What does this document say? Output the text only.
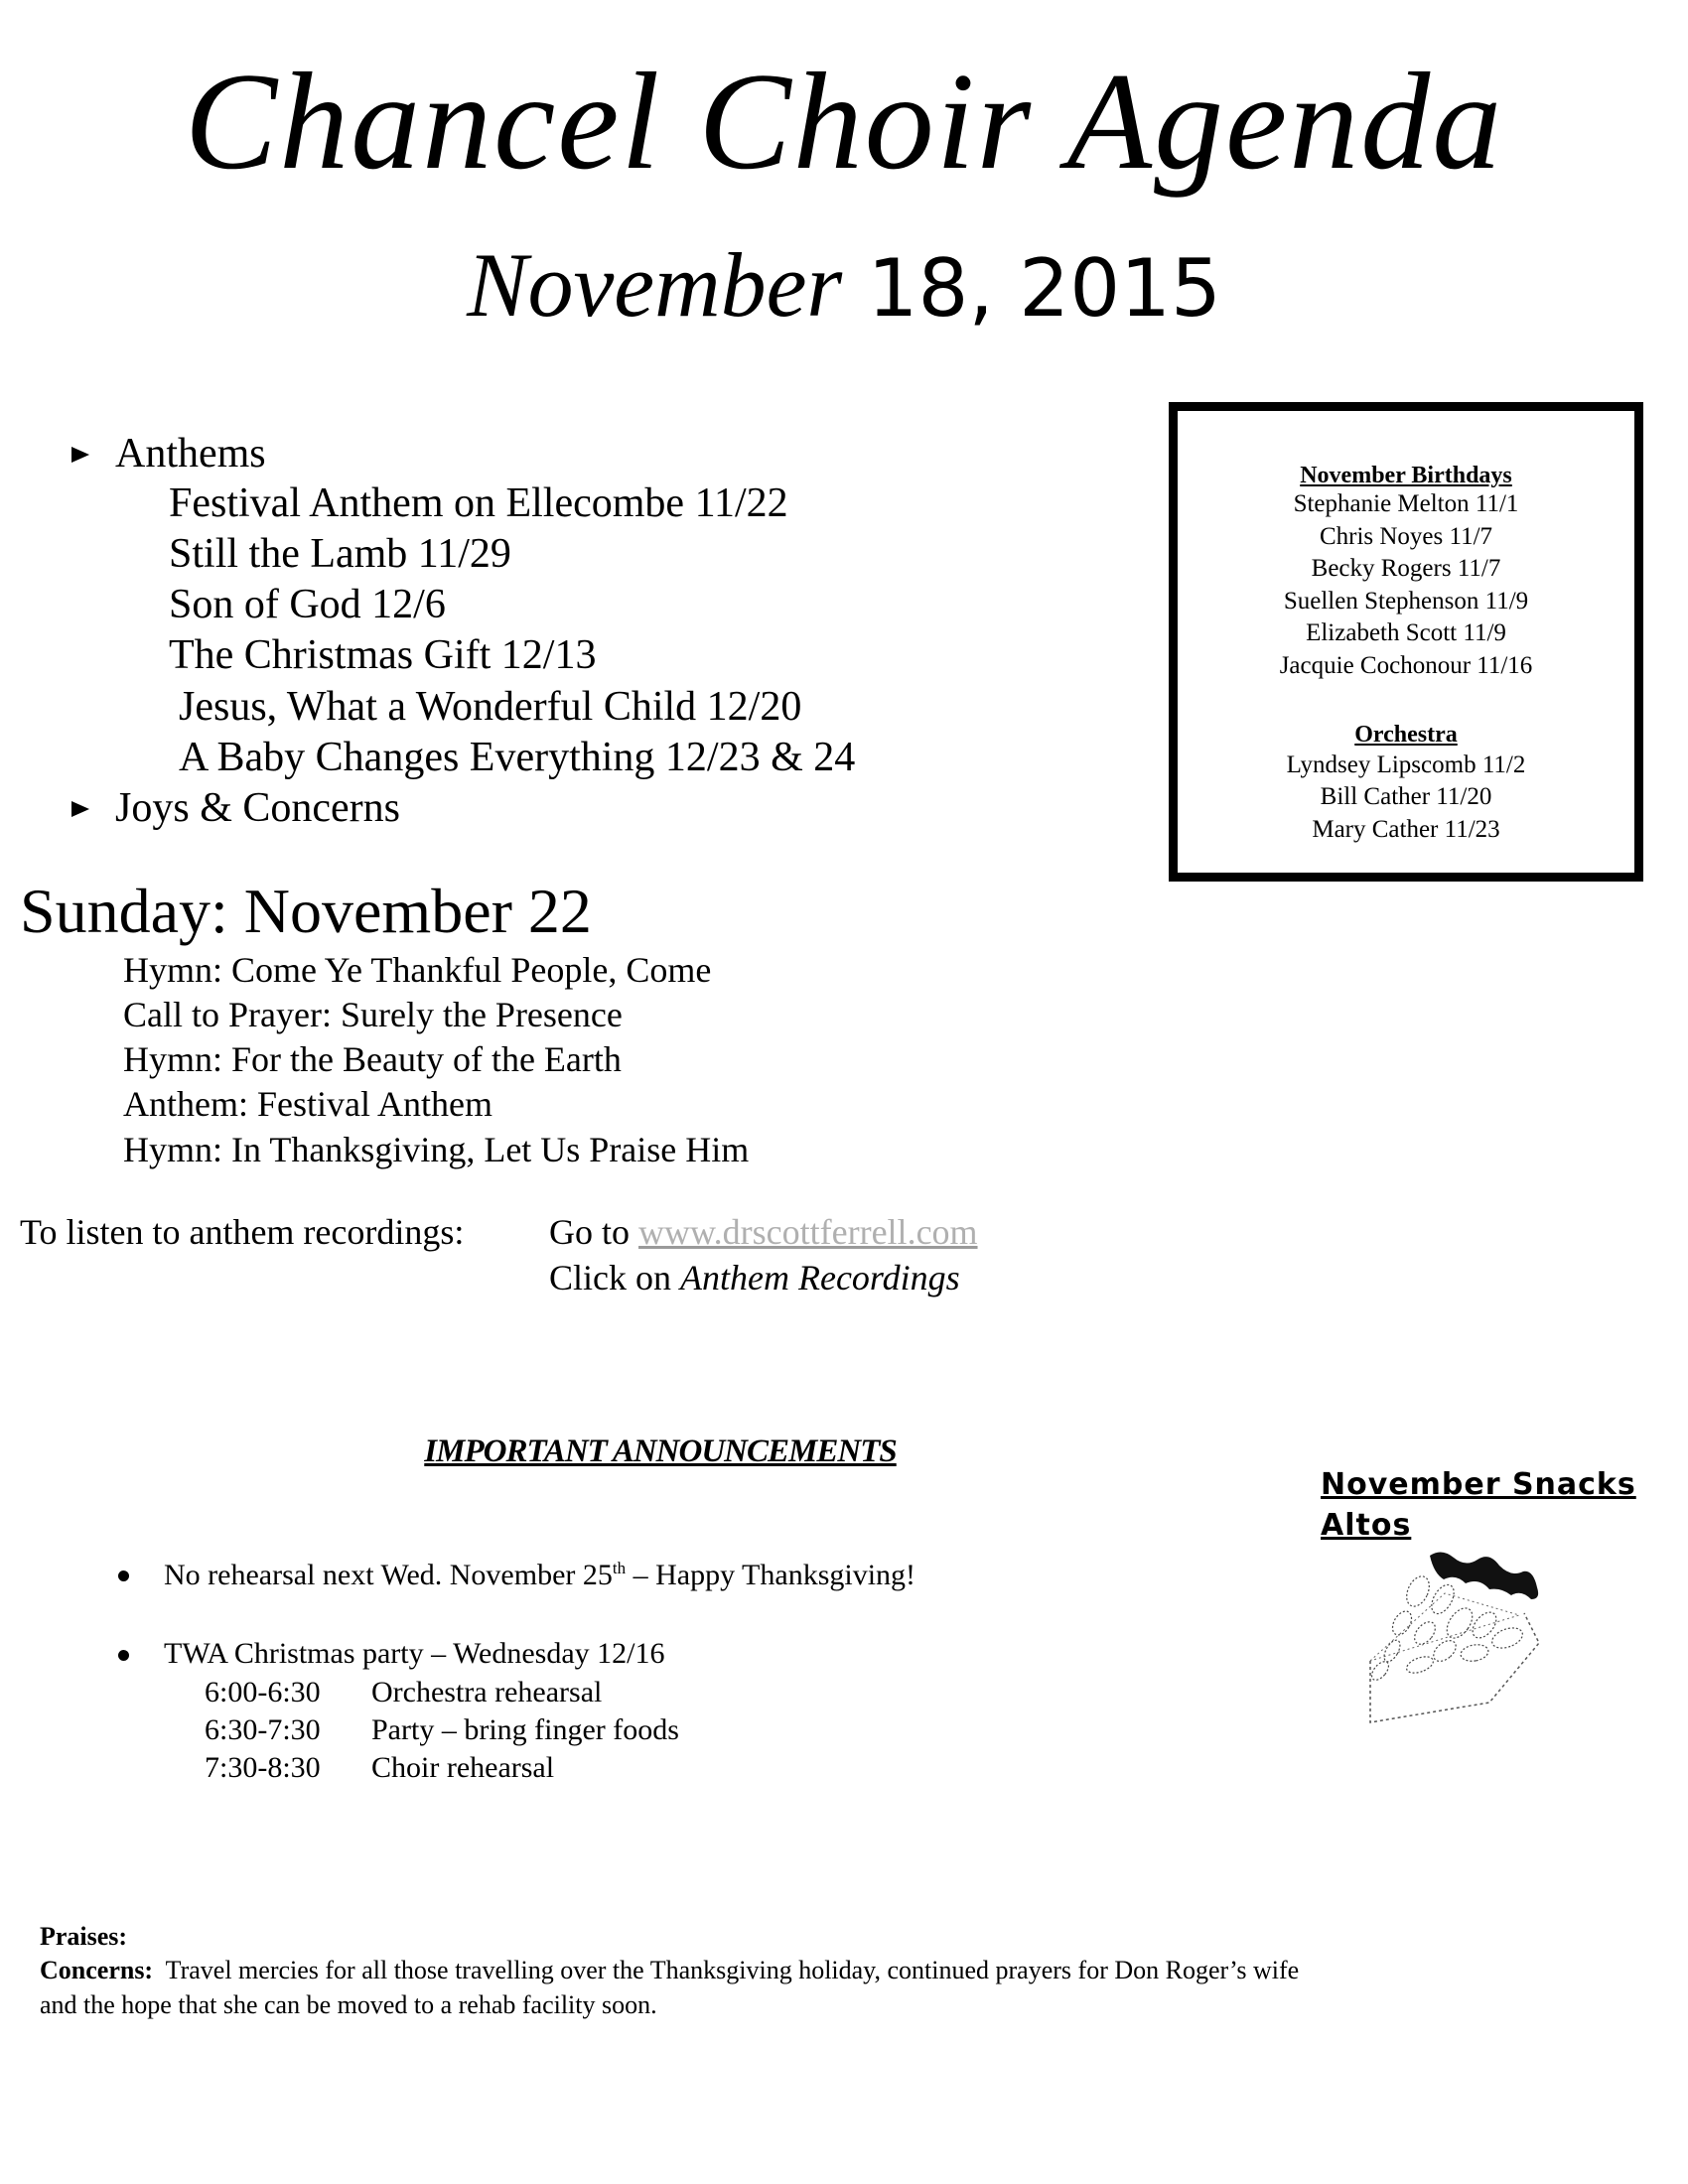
Chancel Choir Agenda
November 18, 2015
Anthems
Festival Anthem on Ellecombe 11/22
Still the Lamb 11/29
Son of God 12/6
The Christmas Gift 12/13
Jesus, What a Wonderful Child 12/20
A Baby Changes Everything 12/23 & 24
Joys & Concerns
November Birthdays
Stephanie Melton 11/1
Chris Noyes 11/7
Becky Rogers 11/7
Suellen Stephenson 11/9
Elizabeth Scott 11/9
Jacquie Cochonour 11/16
Orchestra
Lyndsey Lipscomb 11/2
Bill Cather 11/20
Mary Cather 11/23
Sunday: November 22
Hymn: Come Ye Thankful People, Come
Call to Prayer: Surely the Presence
Hymn: For the Beauty of the Earth
Anthem: Festival Anthem
Hymn: In Thanksgiving, Let Us Praise Him
To listen to anthem recordings: Go to www.drscottferrell.com
Click on Anthem Recordings
IMPORTANT ANNOUNCEMENTS
No rehearsal next Wed. November 25th – Happy Thanksgiving!
TWA Christmas party – Wednesday 12/16
6:00-6:30 Orchestra rehearsal
6:30-7:30 Party – bring finger foods
7:30-8:30 Choir rehearsal
November Snacks
Altos
Praises:
Concerns:  Travel mercies for all those travelling over the Thanksgiving holiday, continued prayers for Don Roger’s wife
and the hope that she can be moved to a rehab facility soon.
